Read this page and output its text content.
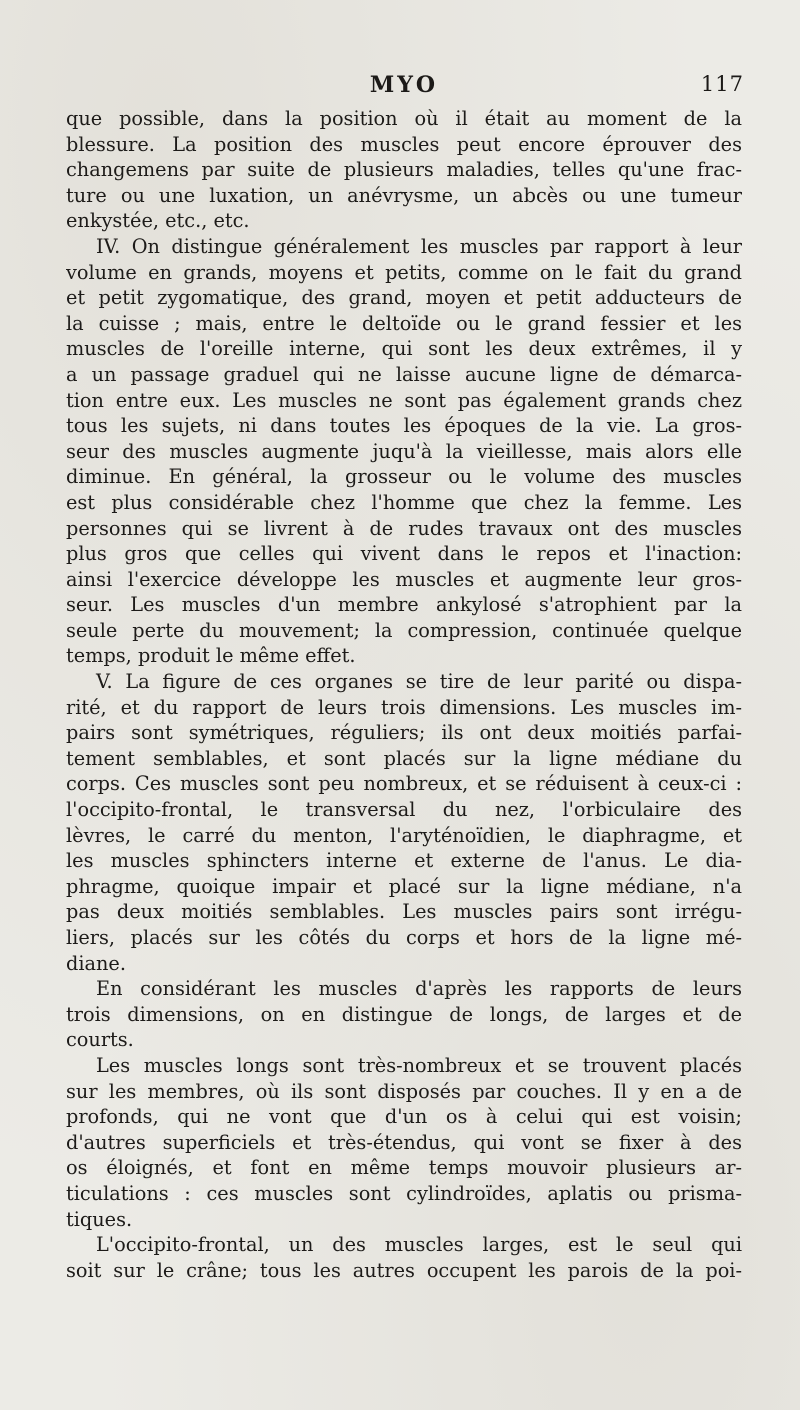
MYO	117
que possible, dans la position où il était au moment de la
blessure. La position des muscles peut encore éprouver des
changemens par suite de plusieurs maladies, telles qu'une frac-
ture ou une luxation, un anévrysme, un abcès ou une tumeur
enkystée, etc., etc.
IV. On distingue généralement les muscles par rapport à leur
volume en grands, moyens et petits, comme on le fait du grand
et petit zygomatique, des grand, moyen et petit adducteurs de
la cuisse ; mais, entre le deltoïde ou le grand fessier et les
muscles de l'oreille interne, qui sont les deux extrêmes, il y
a un passage graduel qui ne laisse aucune ligne de démarca-
tion entre eux. Les muscles ne sont pas également grands chez
tous les sujets, ni dans toutes les époques de la vie. La gros-
seur des muscles augmente juqu'à la vieillesse, mais alors elle
diminue. En général, la grosseur ou le volume des muscles
est plus considérable chez l'homme que chez la femme. Les
personnes qui se livrent à de rudes travaux ont des muscles
plus gros que celles qui vivent dans le repos et l'inaction:
ainsi l'exercice développe les muscles et augmente leur gros-
seur. Les muscles d'un membre ankylosé s'atrophient par la
seule perte du mouvement; la compression, continuée quelque
temps, produit le même effet.
V. La figure de ces organes se tire de leur parité ou dispa-
rité, et du rapport de leurs trois dimensions. Les muscles im-
pairs sont symétriques, réguliers; ils ont deux moitiés parfai-
tement semblables, et sont placés sur la ligne médiane du
corps. Ces muscles sont peu nombreux, et se réduisent à ceux-ci :
l'occipito-frontal, le transversal du nez, l'orbiculaire des
lèvres, le carré du menton, l'aryténoïdien, le diaphragme, et
les muscles sphincters interne et externe de l'anus. Le dia-
phragme, quoique impair et placé sur la ligne médiane, n'a
pas deux moitiés semblables. Les muscles pairs sont irrégu-
liers, placés sur les côtés du corps et hors de la ligne mé-
diane.
En considérant les muscles d'après les rapports de leurs
trois dimensions, on en distingue de longs, de larges et de
courts.
Les muscles longs sont très-nombreux et se trouvent placés
sur les membres, où ils sont disposés par couches. Il y en a de
profonds, qui ne vont que d'un os à celui qui est voisin;
d'autres superficiels et très-étendus, qui vont se fixer à des
os éloignés, et font en même temps mouvoir plusieurs ar-
ticulations : ces muscles sont cylindroïdes, aplatis ou prisma-
tiques.
L'occipito-frontal, un des muscles larges, est le seul qui
soit sur le crâne; tous les autres occupent les parois de la poi-
